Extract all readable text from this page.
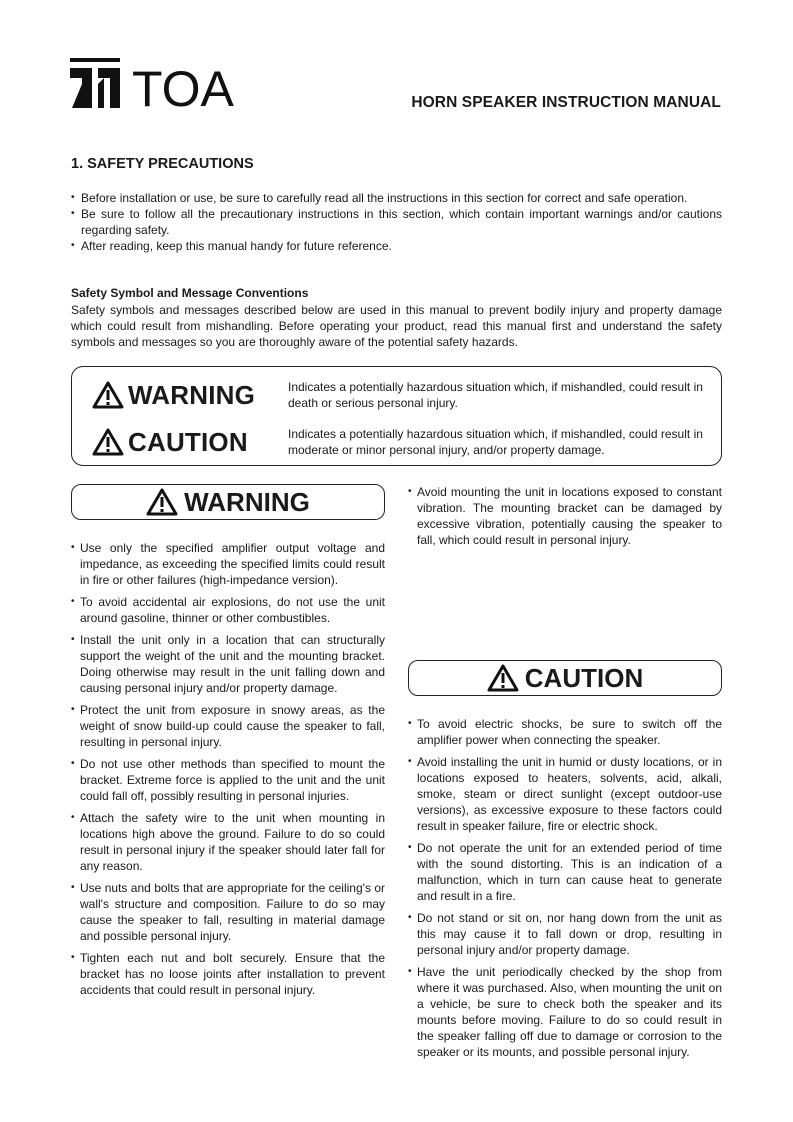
TOA	HORN SPEAKER INSTRUCTION MANUAL
1. SAFETY PRECAUTIONS
• Before installation or use, be sure to carefully read all the instructions in this section for correct and safe operation.
• Be sure to follow all the precautionary instructions in this section, which contain important warnings and/or cautions regarding safety.
• After reading, keep this manual handy for future reference.
Safety Symbol and Message Conventions

Safety symbols and messages described below are used in this manual to prevent bodily injury and property damage which could result from mishandling. Before operating your product, read this manual first and understand the safety symbols and messages so you are thoroughly aware of the potential safety hazards.

WARNING	Indicates a potentially hazardous situation which, if mishandled, could result in death or serious personal injury.
CAUTION	Indicates a potentially hazardous situation which, if mishandled, could result in moderate or minor personal injury, and/or property damage.
WARNING
• Use only the specified amplifier output voltage and impedance, as exceeding the specified limits could result in fire or other failures (high-impedance version).
• To avoid accidental air explosions, do not use the unit around gasoline, thinner or other combustibles.
• Install the unit only in a location that can structurally support the weight of the unit and the mounting bracket. Doing otherwise may result in the unit falling down and causing personal injury and/or property damage.
• Protect the unit from exposure in snowy areas, as the weight of snow build-up could cause the speaker to fall, resulting in personal injury.
• Do not use other methods than specified to mount the bracket. Extreme force is applied to the unit and the unit could fall off, possibly resulting in personal injuries.
• Attach the safety wire to the unit when mounting in locations high above the ground. Failure to do so could result in personal injury if the speaker should later fall for any reason.
• Use nuts and bolts that are appropriate for the ceiling's or wall's structure and composition. Failure to do so may cause the speaker to fall, resulting in material damage and possible personal injury.
• Tighten each nut and bolt securely. Ensure that the bracket has no loose joints after installation to prevent accidents that could result in personal injury.
• Avoid mounting the unit in locations exposed to constant vibration. The mounting bracket can be damaged by excessive vibration, potentially causing the speaker to fall, which could result in personal injury.
CAUTION
• To avoid electric shocks, be sure to switch off the amplifier power when connecting the speaker.
• Avoid installing the unit in humid or dusty locations, or in locations exposed to heaters, solvents, acid, alkali, smoke, steam or direct sunlight (except outdoor-use versions), as excessive exposure to these factors could result in speaker failure, fire or electric shock.
• Do not operate the unit for an extended period of time with the sound distorting. This is an indication of a malfunction, which in turn can cause heat to generate and result in a fire.
• Do not stand or sit on, nor hang down from the unit as this may cause it to fall down or drop, resulting in personal injury and/or property damage.
• Have the unit periodically checked by the shop from where it was purchased. Also, when mounting the unit on a vehicle, be sure to check both the speaker and its mounts before moving. Failure to do so could result in the speaker falling off due to damage or corrosion to the speaker or its mounts, and possible personal injury.
